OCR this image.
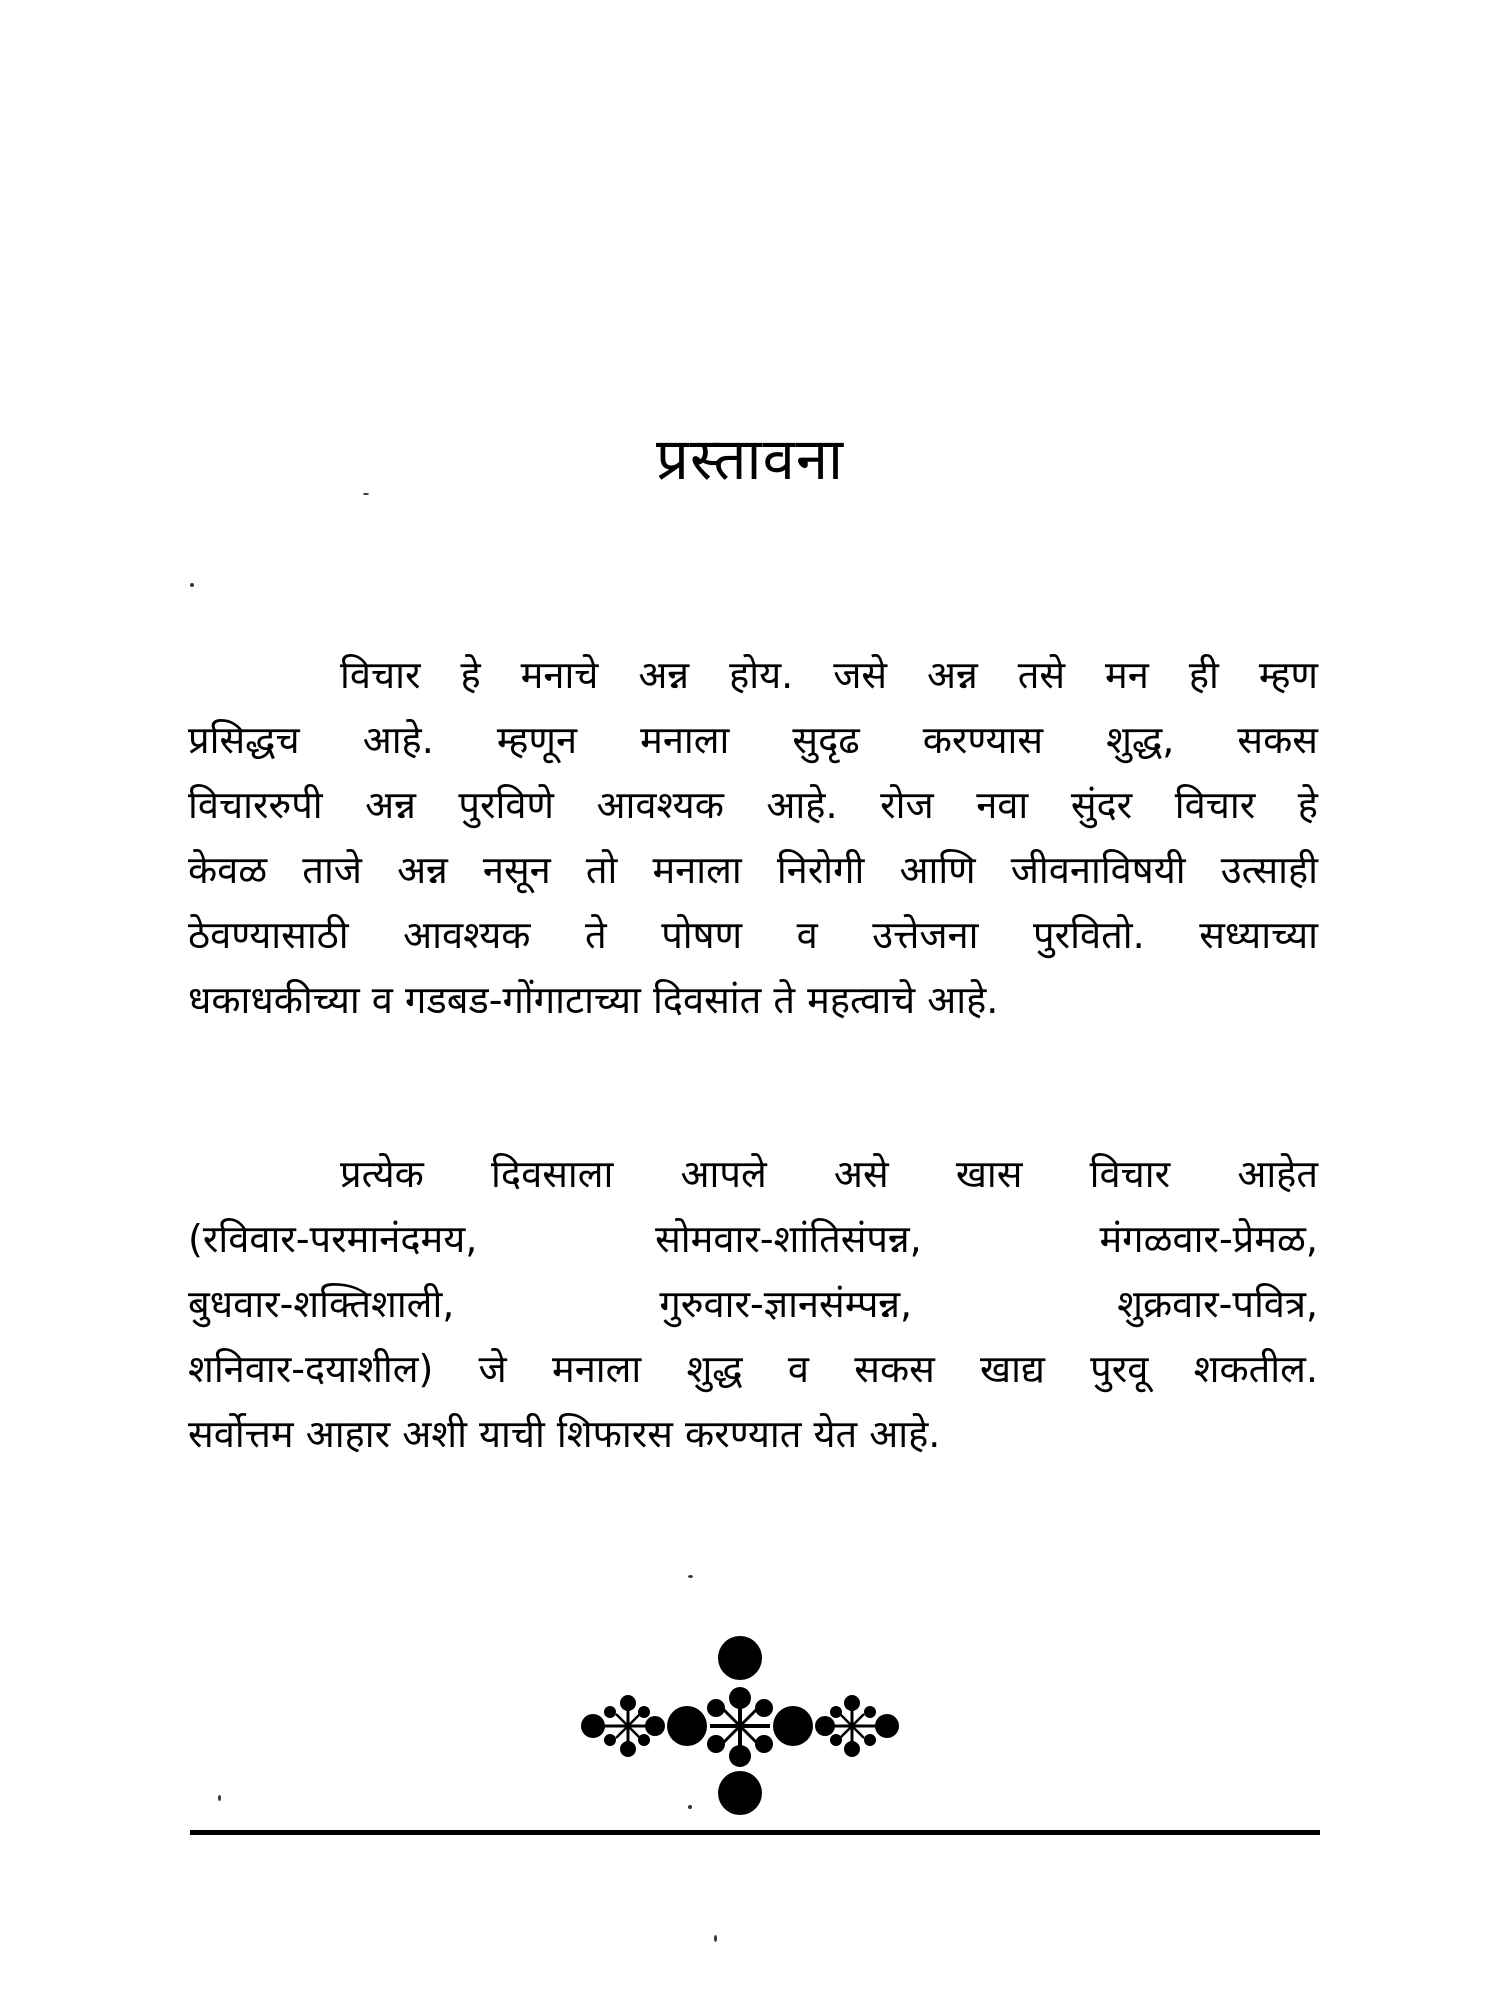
प्रस्तावना
विचार हे मनाचे अन्न होय. जसे अन्न तसे मन ही म्हण
प्रसिद्धच आहे. म्हणून मनाला सुदृढ करण्यास शुद्ध, सकस
विचाररुपी अन्न पुरविणे आवश्यक आहे. रोज नवा सुंदर विचार हे
केवळ ताजे अन्न नसून तो मनाला निरोगी आणि जीवनाविषयी उत्साही
ठेवण्यासाठी आवश्यक ते पोषण व उत्तेजना पुरवितो. सध्याच्या
धकाधकीच्या व गडबड-गोंगाटाच्या दिवसांत ते महत्वाचे आहे.
प्रत्येक दिवसाला आपले असे खास विचार आहेत
(रविवार-परमानंदमय, सोमवार-शांतिसंपन्न, मंगळवार-प्रेमळ,
बुधवार-शक्तिशाली, गुरुवार-ज्ञानसंम्पन्न, शुक्रवार-पवित्र,
शनिवार-दयाशील) जे मनाला शुद्ध व सकस खाद्य पुरवू शकतील.
सर्वोत्तम आहार अशी याची शिफारस करण्यात येत आहे.
